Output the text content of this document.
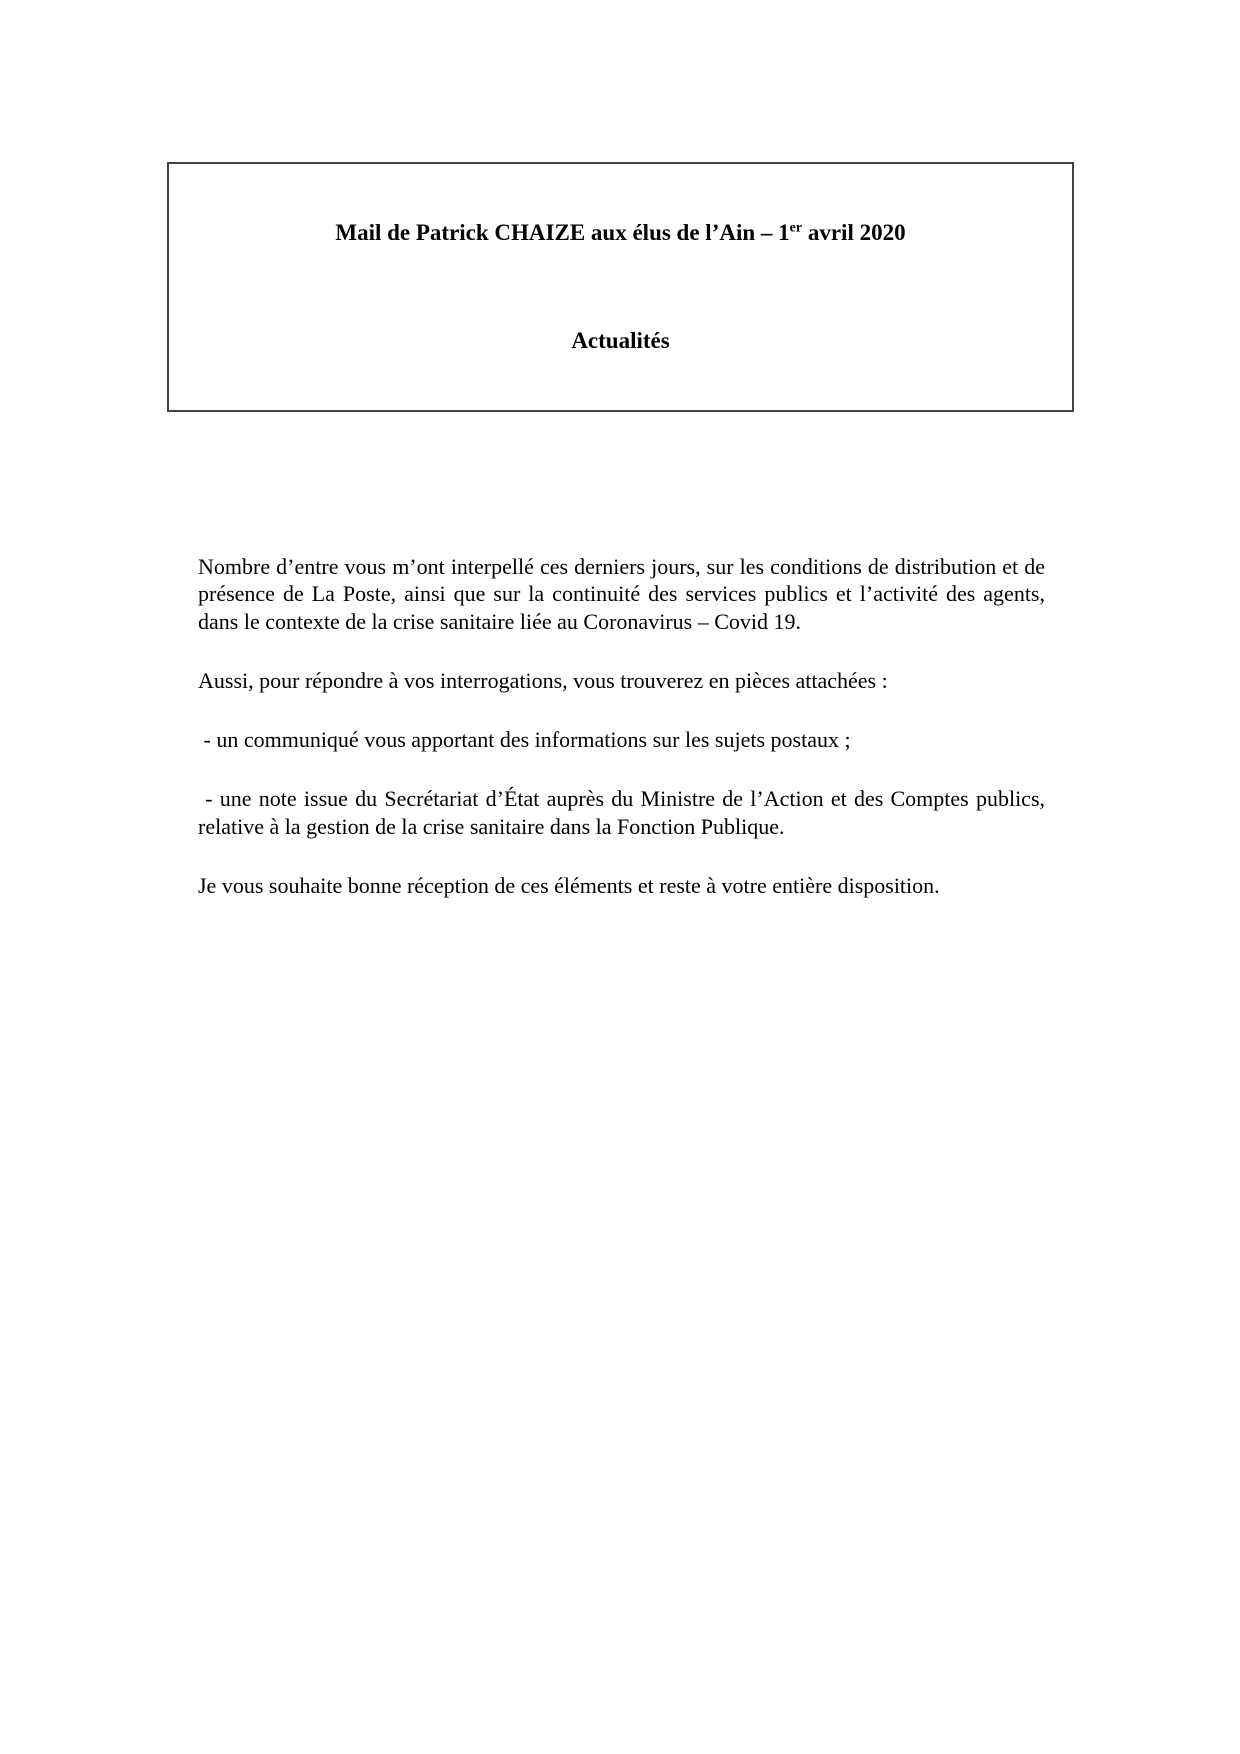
Mail de Patrick CHAIZE aux élus de l’Ain – 1er avril 2020
Actualités

Nombre d’entre vous m’ont interpellé ces derniers jours, sur les conditions de distribution et de présence de La Poste, ainsi que sur la continuité des services publics et l’activité des agents, dans le contexte de la crise sanitaire liée au Coronavirus – Covid 19.

Aussi, pour répondre à vos interrogations, vous trouverez en pièces attachées :

- un communiqué vous apportant des informations sur les sujets postaux ;

- une note issue du Secrétariat d’État auprès du Ministre de l’Action et des Comptes publics, relative à la gestion de la crise sanitaire dans la Fonction Publique.

Je vous souhaite bonne réception de ces éléments et reste à votre entière disposition.
